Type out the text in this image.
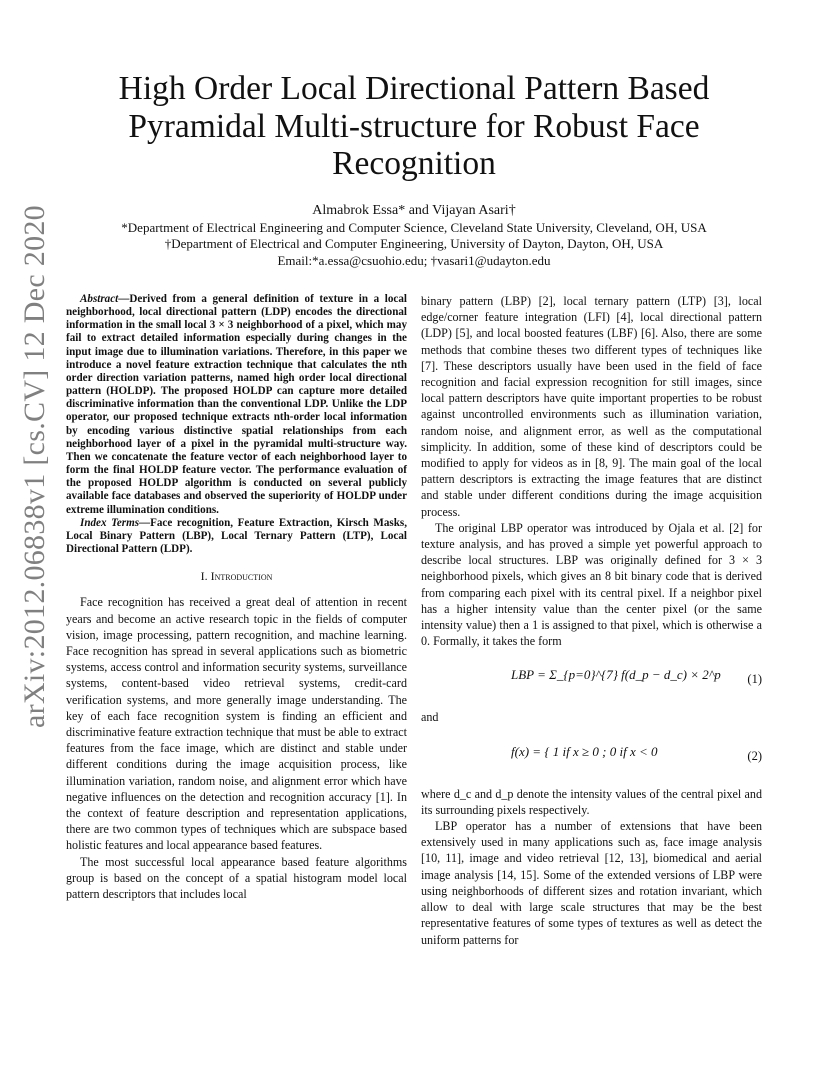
arXiv:2012.06838v1 [cs.CV] 12 Dec 2020
High Order Local Directional Pattern Based Pyramidal Multi-structure for Robust Face Recognition
Almabrok Essa* and Vijayan Asari†
*Department of Electrical Engineering and Computer Science, Cleveland State University, Cleveland, OH, USA
†Department of Electrical and Computer Engineering, University of Dayton, Dayton, OH, USA
Email:*a.essa@csuohio.edu; †vasari1@udayton.edu

Abstract—Derived from a general definition of texture in a local neighborhood, local directional pattern (LDP) encodes the directional information in the small local 3 × 3 neighborhood of a pixel, which may fail to extract detailed information especially during changes in the input image due to illumination variations. Therefore, in this paper we introduce a novel feature extraction technique that calculates the nth order direction variation patterns, named high order local directional pattern (HOLDP). The proposed HOLDP can capture more detailed discriminative information than the conventional LDP. Unlike the LDP operator, our proposed technique extracts nth-order local information by encoding various distinctive spatial relationships from each neighborhood layer of a pixel in the pyramidal multi-structure way. Then we concatenate the feature vector of each neighborhood layer to form the final HOLDP feature vector. The performance evaluation of the proposed HOLDP algorithm is conducted on several publicly available face databases and observed the superiority of HOLDP under extreme illumination conditions.

Index Terms—Face recognition, Feature Extraction, Kirsch Masks, Local Binary Pattern (LBP), Local Ternary Pattern (LTP), Local Directional Pattern (LDP).

I. Introduction

Face recognition has received a great deal of attention in recent years and become an active research topic in the fields of computer vision, image processing, pattern recognition, and machine learning. Face recognition has spread in several applications such as biometric systems, access control and information security systems, surveillance systems, content-based video retrieval systems, credit-card verification systems, and more generally image understanding. The key of each face recognition system is finding an efficient and discriminative feature extraction technique that must be able to extract features from the face image, which are distinct and stable under different conditions during the image acquisition process, like illumination variation, random noise, and alignment error which have negative influences on the detection and recognition accuracy [1]. In the context of feature description and representation applications, there are two common types of techniques which are subspace based holistic features and local appearance based features.

The most successful local appearance based feature algorithms group is based on the concept of a spatial histogram model local pattern descriptors that includes local

binary pattern (LBP) [2], local ternary pattern (LTP) [3], local edge/corner feature integration (LFI) [4], local directional pattern (LDP) [5], and local boosted features (LBF) [6]. Also, there are some methods that combine theses two different types of techniques like [7]. These descriptors usually have been used in the field of face recognition and facial expression recognition for still images, since local pattern descriptors have quite important properties to be robust against uncontrolled environments such as illumination variation, random noise, and alignment error, as well as the computational simplicity. In addition, some of these kind of descriptors could be modified to apply for videos as in [8, 9]. The main goal of the local pattern descriptors is extracting the image features that are distinct and stable under different conditions during the image acquisition process.

The original LBP operator was introduced by Ojala et al. [2] for texture analysis, and has proved a simple yet powerful approach to describe local structures. LBP was originally defined for 3 × 3 neighborhood pixels, which gives an 8 bit binary code that is derived from comparing each pixel with its central pixel. If a neighbor pixel has a higher intensity value than the center pixel (or the same intensity value) then a 1 is assigned to that pixel, which is otherwise a 0. Formally, it takes the form

LBP = Σ_{p=0}^{7} f(d_p − d_c) × 2^p (1)

and

f(x) = { 1 if x ≥ 0 ; 0 if x < 0	(2)

where d_c and d_p denote the intensity values of the central pixel and its surrounding pixels respectively.

LBP operator has a number of extensions that have been extensively used in many applications such as, face image analysis [10, 11], image and video retrieval [12, 13], biomedical and aerial image analysis [14, 15]. Some of the extended versions of LBP were using neighborhoods of different sizes and rotation invariant, which allow to deal with large scale structures that may be the best representative features of some types of textures as well as detect the uniform patterns for
